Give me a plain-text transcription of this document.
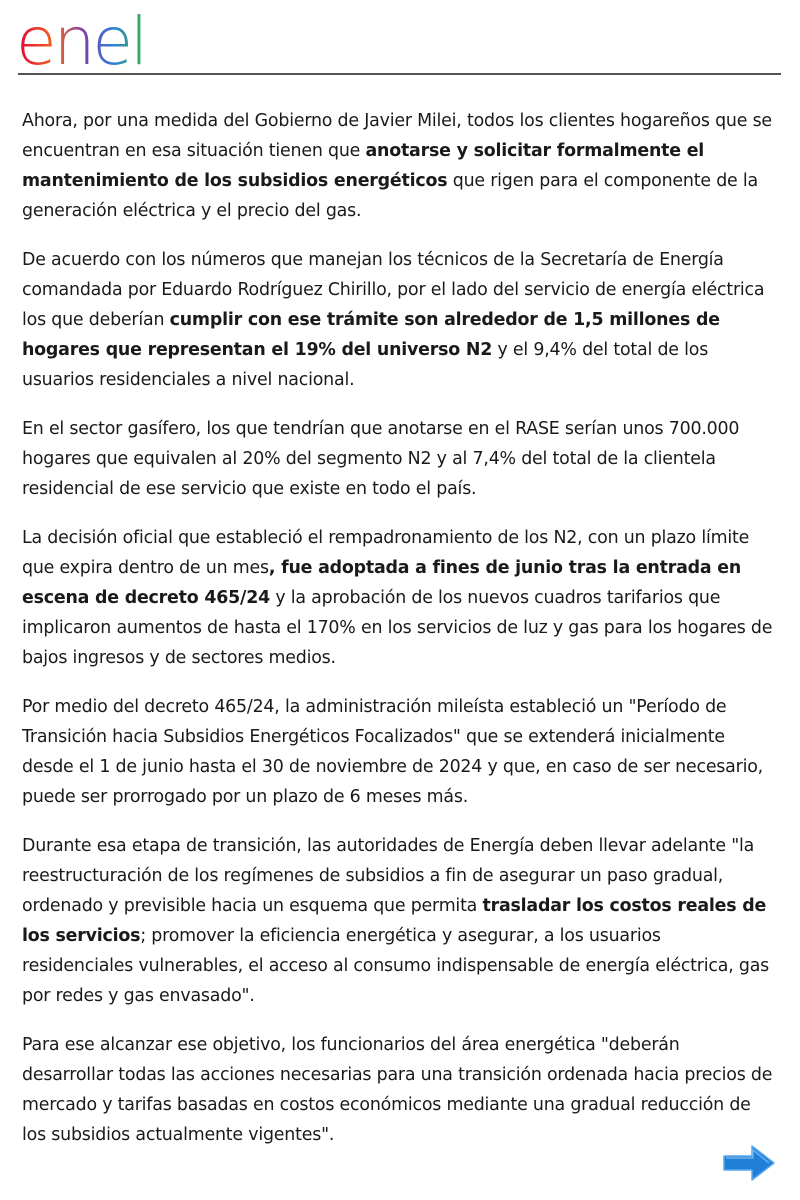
enel

Ahora, por una medida del Gobierno de Javier Milei, todos los clientes hogareños que se encuentran en esa situación tienen que anotarse y solicitar formalmente el mantenimiento de los subsidios energéticos que rigen para el componente de la generación eléctrica y el precio del gas.

De acuerdo con los números que manejan los técnicos de la Secretaría de Energía comandada por Eduardo Rodríguez Chirillo, por el lado del servicio de energía eléctrica los que deberían cumplir con ese trámite son alrededor de 1,5 millones de hogares que representan el 19% del universo N2 y el 9,4% del total de los usuarios residenciales a nivel nacional.

En el sector gasífero, los que tendrían que anotarse en el RASE serían unos 700.000 hogares que equivalen al 20% del segmento N2 y al 7,4% del total de la clientela residencial de ese servicio que existe en todo el país.

La decisión oficial que estableció el rempadronamiento de los N2, con un plazo límite que expira dentro de un mes, fue adoptada a fines de junio tras la entrada en escena de decreto 465/24 y la aprobación de los nuevos cuadros tarifarios que implicaron aumentos de hasta el 170% en los servicios de luz y gas para los hogares de bajos ingresos y de sectores medios.

Por medio del decreto 465/24, la administración mileísta estableció un "Período de Transición hacia Subsidios Energéticos Focalizados" que se extenderá inicialmente desde el 1 de junio hasta el 30 de noviembre de 2024 y que, en caso de ser necesario, puede ser prorrogado por un plazo de 6 meses más.

Durante esa etapa de transición, las autoridades de Energía deben llevar adelante "la reestructuración de los regímenes de subsidios a fin de asegurar un paso gradual, ordenado y previsible hacia un esquema que permita trasladar los costos reales de los servicios; promover la eficiencia energética y asegurar, a los usuarios residenciales vulnerables, el acceso al consumo indispensable de energía eléctrica, gas por redes y gas envasado".

Para ese alcanzar ese objetivo, los funcionarios del área energética "deberán desarrollar todas las acciones necesarias para una transición ordenada hacia precios de mercado y tarifas basadas en costos económicos mediante una gradual reducción de los subsidios actualmente vigentes".
